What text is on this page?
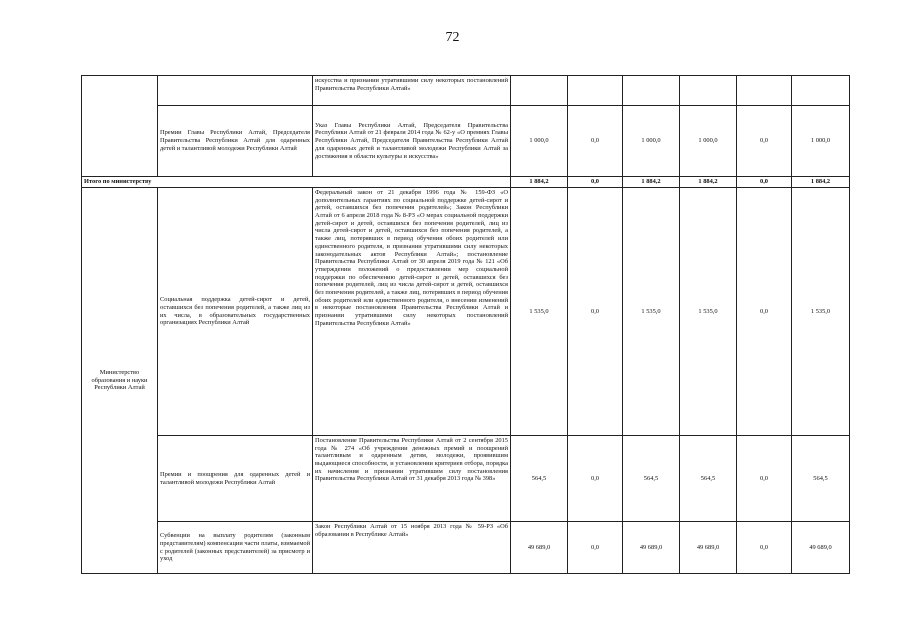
72
		искусства и признании утратившими силу некоторых постановлений Правительства Республики Алтай»						
	Премии Главы Республики Алтай, Председателя Правительства Республики Алтай для одаренных детей и талантливой молодежи Республики Алтай	Указ Главы Республики Алтай, Председателя Правительства Республики Алтай от 21 февраля 2014 года № 62-у «О премиях Главы Республики Алтай, Председателя Правительства Республики Алтай для одаренных детей и талантливой молодежи Республики Алтай за достижения в области культуры и искусства»	1 000,0	0,0	1 000,0	1 000,0	0,0	1 000,0
Итого по министерству			1 884,2	0,0	1 884,2	1 884,2	0,0	1 884,2
Министерство образования и науки Республики Алтай	Социальная поддержка детей-сирот и детей, оставшихся без попечения родителей, а также лиц из их числа, в образовательных государственных организациях Республики Алтай	Федеральный закон от 21 декабря 1996 года № 159-ФЗ «О дополнительных гарантиях по социальной поддержке детей-сирот и детей, оставшихся без попечения родителей»; Закон Республики Алтай от 6 апреля 2018 года № 8-РЗ «О мерах социальной поддержки детей-сирот и детей, оставшихся без попечения родителей, лиц из числа детей-сирот и детей, оставшихся без попечения родителей, а также лиц, потерявших в период обучения обоих родителей или единственного родителя, и признании утратившими силу некоторых законодательных актов Республики Алтай»; постановление Правительства Республики Алтай от 30 апреля 2019 года № 121 «Об утверждении положений о предоставлении мер социальной поддержки по обеспечению детей-сирот и детей, оставшихся без попечения родителей, лиц из числа детей-сирот и детей, оставшихся без попечения родителей, а также лиц, потерявших в период обучения обоих родителей или единственного родителя, о внесении изменений в некоторые постановления Правительства Республики Алтай и признании утратившими силу некоторых постановлений Правительства Республики Алтай»	1 535,0	0,0	1 535,0	1 535,0	0,0	1 535,0
	Премии и поощрения для одаренных детей и талантливой молодежи Республики Алтай	Постановление Правительства Республики Алтай от 2 сентября 2015 года № 274 «Об учреждении денежных премий и поощрений талантливым и одаренным детям, молодежи, проявившим выдающиеся способности, и установлении критериев отбора, порядка их начисления и признании утратившим силу постановления Правительства Республики Алтай от 31 декабря 2013 года № 398»	564,5	0,0	564,5	564,5	0,0	564,5
	Субвенции на выплату родителям (законным представителям) компенсации части платы, взимаемой с родителей (законных представителей) за присмотр и уход	Закон Республики Алтай от 15 ноября 2013 года № 59-РЗ «Об образовании в Республике Алтай»	49 689,0	0,0	49 689,0	49 689,0	0,0	49 689,0
